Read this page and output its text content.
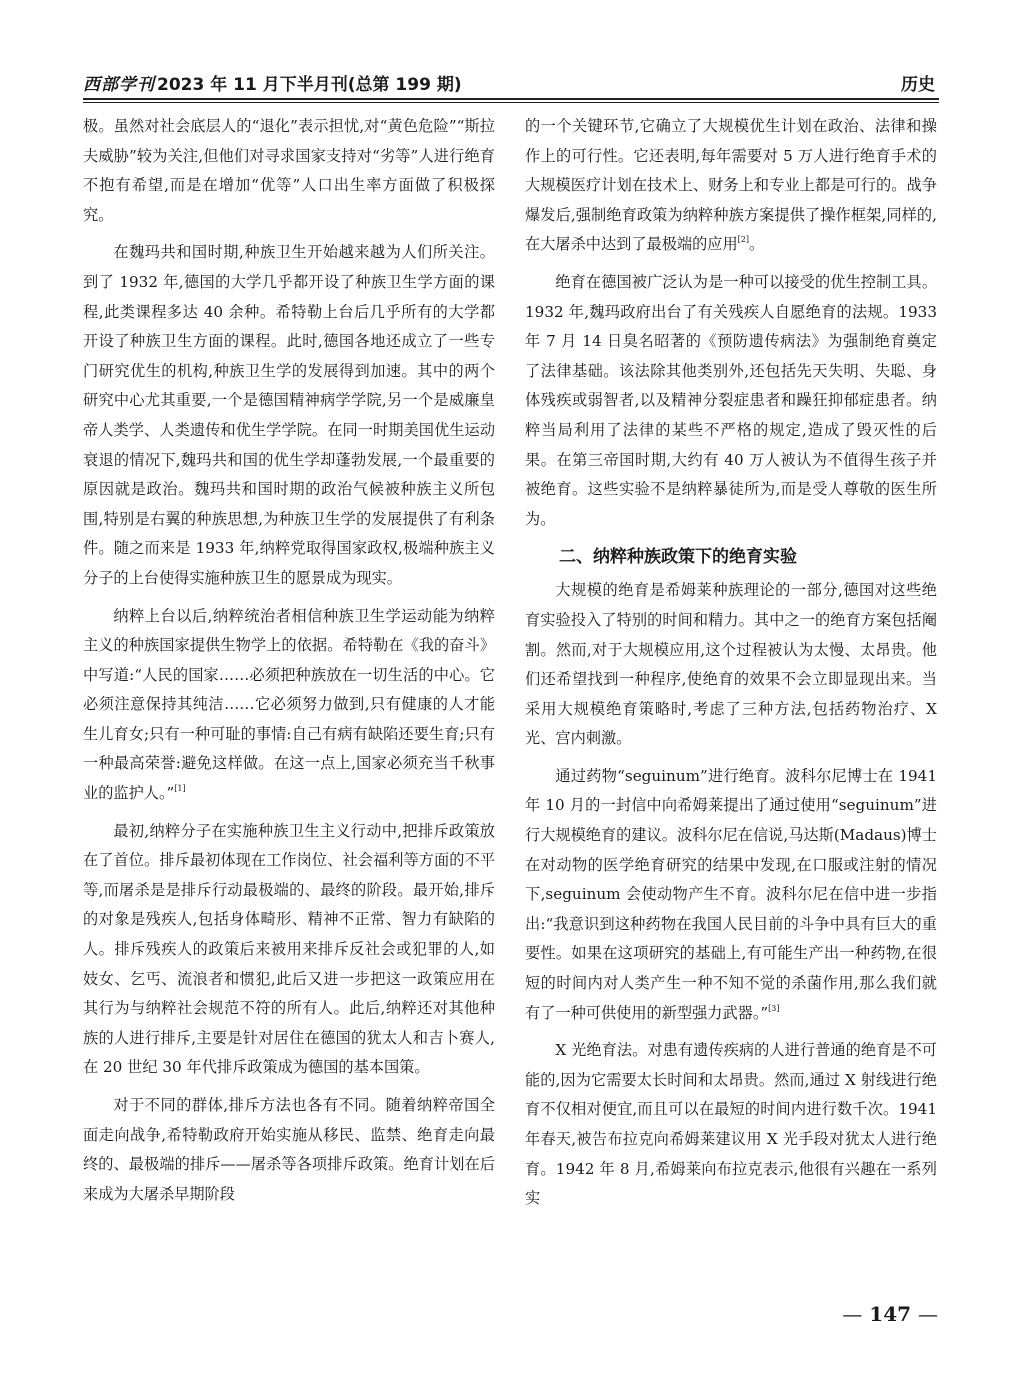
西部学刊 2023 年 11 月下半月刊(总第 199 期)	历史

极。虽然对社会底层人的“退化”表示担忧,对“黄色危险”“斯拉夫威胁”较为关注,但他们对寻求国家支持对“劣等”人进行绝育不抱有希望,而是在增加“优等”人口出生率方面做了积极探究。

在魏玛共和国时期,种族卫生开始越来越为人们所关注。到了 1932 年,德国的大学几乎都开设了种族卫生学方面的课程,此类课程多达 40 余种。希特勒上台后几乎所有的大学都开设了种族卫生方面的课程。此时,德国各地还成立了一些专门研究优生的机构,种族卫生学的发展得到加速。其中的两个研究中心尤其重要,一个是德国精神病学学院,另一个是威廉皇帝人类学、人类遗传和优生学学院。在同一时期美国优生运动衰退的情况下,魏玛共和国的优生学却蓬勃发展,一个最重要的原因就是政治。魏玛共和国时期的政治气候被种族主义所包围,特别是右翼的种族思想,为种族卫生学的发展提供了有利条件。随之而来是 1933 年,纳粹党取得国家政权,极端种族主义分子的上台使得实施种族卫生的愿景成为现实。

纳粹上台以后,纳粹统治者相信种族卫生学运动能为纳粹主义的种族国家提供生物学上的依据。希特勒在《我的奋斗》中写道:“人民的国家……必须把种族放在一切生活的中心。它必须注意保持其纯洁……它必须努力做到,只有健康的人才能生儿育女;只有一种可耻的事情:自己有病有缺陷还要生育;只有一种最高荣誉:避免这样做。在这一点上,国家必须充当千秋事业的监护人。”[1]

最初,纳粹分子在实施种族卫生主义行动中,把排斥政策放在了首位。排斥最初体现在工作岗位、社会福利等方面的不平等,而屠杀是是排斥行动最极端的、最终的阶段。最开始,排斥的对象是残疾人,包括身体畸形、精神不正常、智力有缺陷的人。排斥残疾人的政策后来被用来排斥反社会或犯罪的人,如妓女、乞丐、流浪者和惯犯,此后又进一步把这一政策应用在其行为与纳粹社会规范不符的所有人。此后,纳粹还对其他种族的人进行排斥,主要是针对居住在德国的犹太人和吉卜赛人,在 20 世纪 30 年代排斥政策成为德国的基本国策。

对于不同的群体,排斥方法也各有不同。随着纳粹帝国全面走向战争,希特勒政府开始实施从移民、监禁、绝育走向最终的、最极端的排斥——屠杀等各项排斥政策。绝育计划在后来成为大屠杀早期阶段

的一个关键环节,它确立了大规模优生计划在政治、法律和操作上的可行性。它还表明,每年需要对 5 万人进行绝育手术的大规模医疗计划在技术上、财务上和专业上都是可行的。战争爆发后,强制绝育政策为纳粹种族方案提供了操作框架,同样的,在大屠杀中达到了最极端的应用[2]。

绝育在德国被广泛认为是一种可以接受的优生控制工具。1932 年,魏玛政府出台了有关残疾人自愿绝育的法规。1933 年 7 月 14 日臭名昭著的《预防遗传病法》为强制绝育奠定了法律基础。该法除其他类别外,还包括先天失明、失聪、身体残疾或弱智者,以及精神分裂症患者和躁狂抑郁症患者。纳粹当局利用了法律的某些不严格的规定,造成了毁灭性的后果。在第三帝国时期,大约有 40 万人被认为不值得生孩子并被绝育。这些实验不是纳粹暴徒所为,而是受人尊敬的医生所为。

二、纳粹种族政策下的绝育实验

大规模的绝育是希姆莱种族理论的一部分,德国对这些绝育实验投入了特别的时间和精力。其中之一的绝育方案包括阉割。然而,对于大规模应用,这个过程被认为太慢、太昂贵。他们还希望找到一种程序,使绝育的效果不会立即显现出来。当采用大规模绝育策略时,考虑了三种方法,包括药物治疗、X 光、宫内刺激。

通过药物“seguinum”进行绝育。波科尔尼博士在 1941 年 10 月的一封信中向希姆莱提出了通过使用“seguinum”进行大规模绝育的建议。波科尔尼在信说,马达斯(Madaus)博士在对动物的医学绝育研究的结果中发现,在口服或注射的情况下,seguinum 会使动物产生不育。波科尔尼在信中进一步指出:“我意识到这种药物在我国人民目前的斗争中具有巨大的重要性。如果在这项研究的基础上,有可能生产出一种药物,在很短的时间内对人类产生一种不知不觉的杀菌作用,那么我们就有了一种可供使用的新型强力武器。”[3]

X 光绝育法。对患有遗传疾病的人进行普通的绝育是不可能的,因为它需要太长时间和太昂贵。然而,通过 X 射线进行绝育不仅相对便宜,而且可以在最短的时间内进行数千次。1941 年春天,被告布拉克向希姆莱建议用 X 光手段对犹太人进行绝育。1942 年 8 月,希姆莱向布拉克表示,他很有兴趣在一系列实

— 147 —
